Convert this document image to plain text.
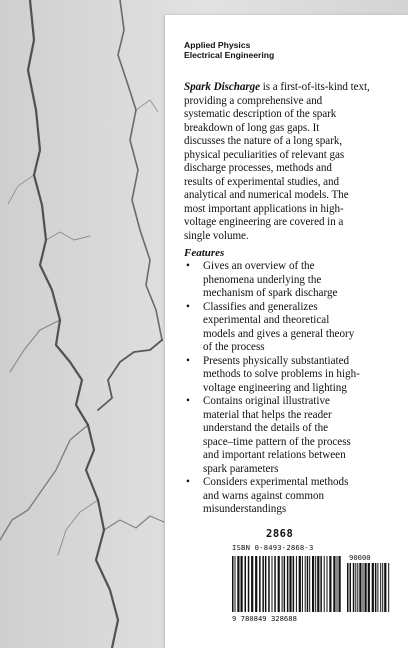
Applied Physics
Electrical Engineering
Spark Discharge is a first-of-its-kind text,
providing a comprehensive and
systematic description of the spark
breakdown of long gas gaps. It
discusses the nature of a long spark,
physical peculiarities of relevant gas
discharge processes, methods and
results of experimental studies, and
analytical and numerical models. The
most important applications in high-
voltage engineering are covered in a
single volume.
Features
• Gives an overview of the
phenomena underlying the
mechanism of spark discharge
• Classifies and generalizes
experimental and theoretical
models and gives a general theory
of the process
• Presents physically substantiated
methods to solve problems in high-
voltage engineering and lighting
• Contains original illustrative
material that helps the reader
understand the details of the
space–time pattern of the process
and important relations between
spark parameters
• Considers experimental methods
and warns against common
misunderstandings
2868
ISBN 0-8493-2868-3
90000
9 780849 328688
